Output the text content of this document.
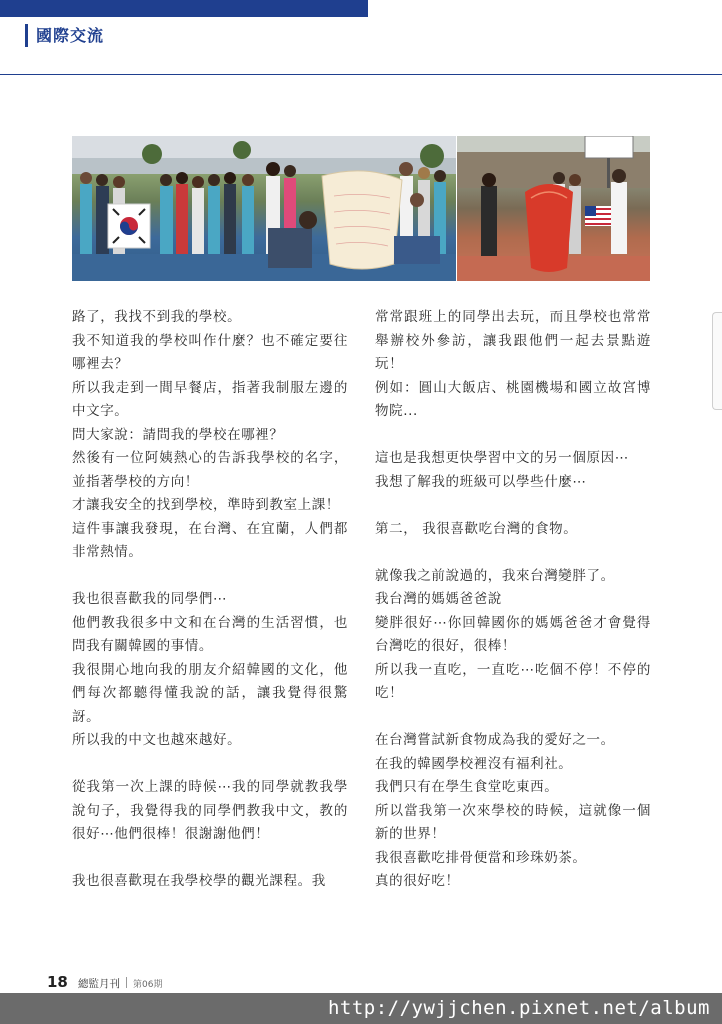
國際交流

路了，我找不到我的學校。

我不知道我的學校叫作什麼？也不確定要往哪裡去？

所以我走到一間早餐店，指著我制服左邊的中文字。

問大家說：請問我的學校在哪裡？

然後有一位阿姨熱心的告訴我學校的名字，並指著學校的方向！

才讓我安全的找到學校，準時到教室上課！

這件事讓我發現，在台灣、在宜蘭，人們都非常熱情。

我也很喜歡我的同學們⋯

他們教我很多中文和在台灣的生活習慣，也問我有關韓國的事情。

我很開心地向我的朋友介紹韓國的文化，他們每次都聽得懂我說的話，讓我覺得很驚訝。

所以我的中文也越來越好。

從我第一次上課的時候⋯我的同學就教我學說句子，我覺得我的同學們教我中文，教的很好⋯他們很棒！很謝謝他們！

我也很喜歡現在我學校學的觀光課程。我

常常跟班上的同學出去玩，而且學校也常常舉辦校外參訪，讓我跟他們一起去景點遊玩！

例如：圓山大飯店、桃園機場和國立故宮博物院...

這也是我想更快學習中文的另一個原因⋯

我想了解我的班級可以學些什麼⋯

第二， 我很喜歡吃台灣的食物。

就像我之前說過的，我來台灣變胖了。

我台灣的媽媽爸爸說

變胖很好⋯你回韓國你的媽媽爸爸才會覺得台灣吃的很好，很棒！

所以我一直吃，一直吃⋯吃個不停！不停的吃！

在台灣嘗試新食物成為我的愛好之一。

在我的韓國學校裡沒有福利社。

我們只有在學生食堂吃東西。

所以當我第一次來學校的時候，這就像一個新的世界！

我很喜歡吃排骨便當和珍珠奶茶。

真的很好吃！

18 總監月刊 第06期
http://ywjjchen.pixnet.net/album
